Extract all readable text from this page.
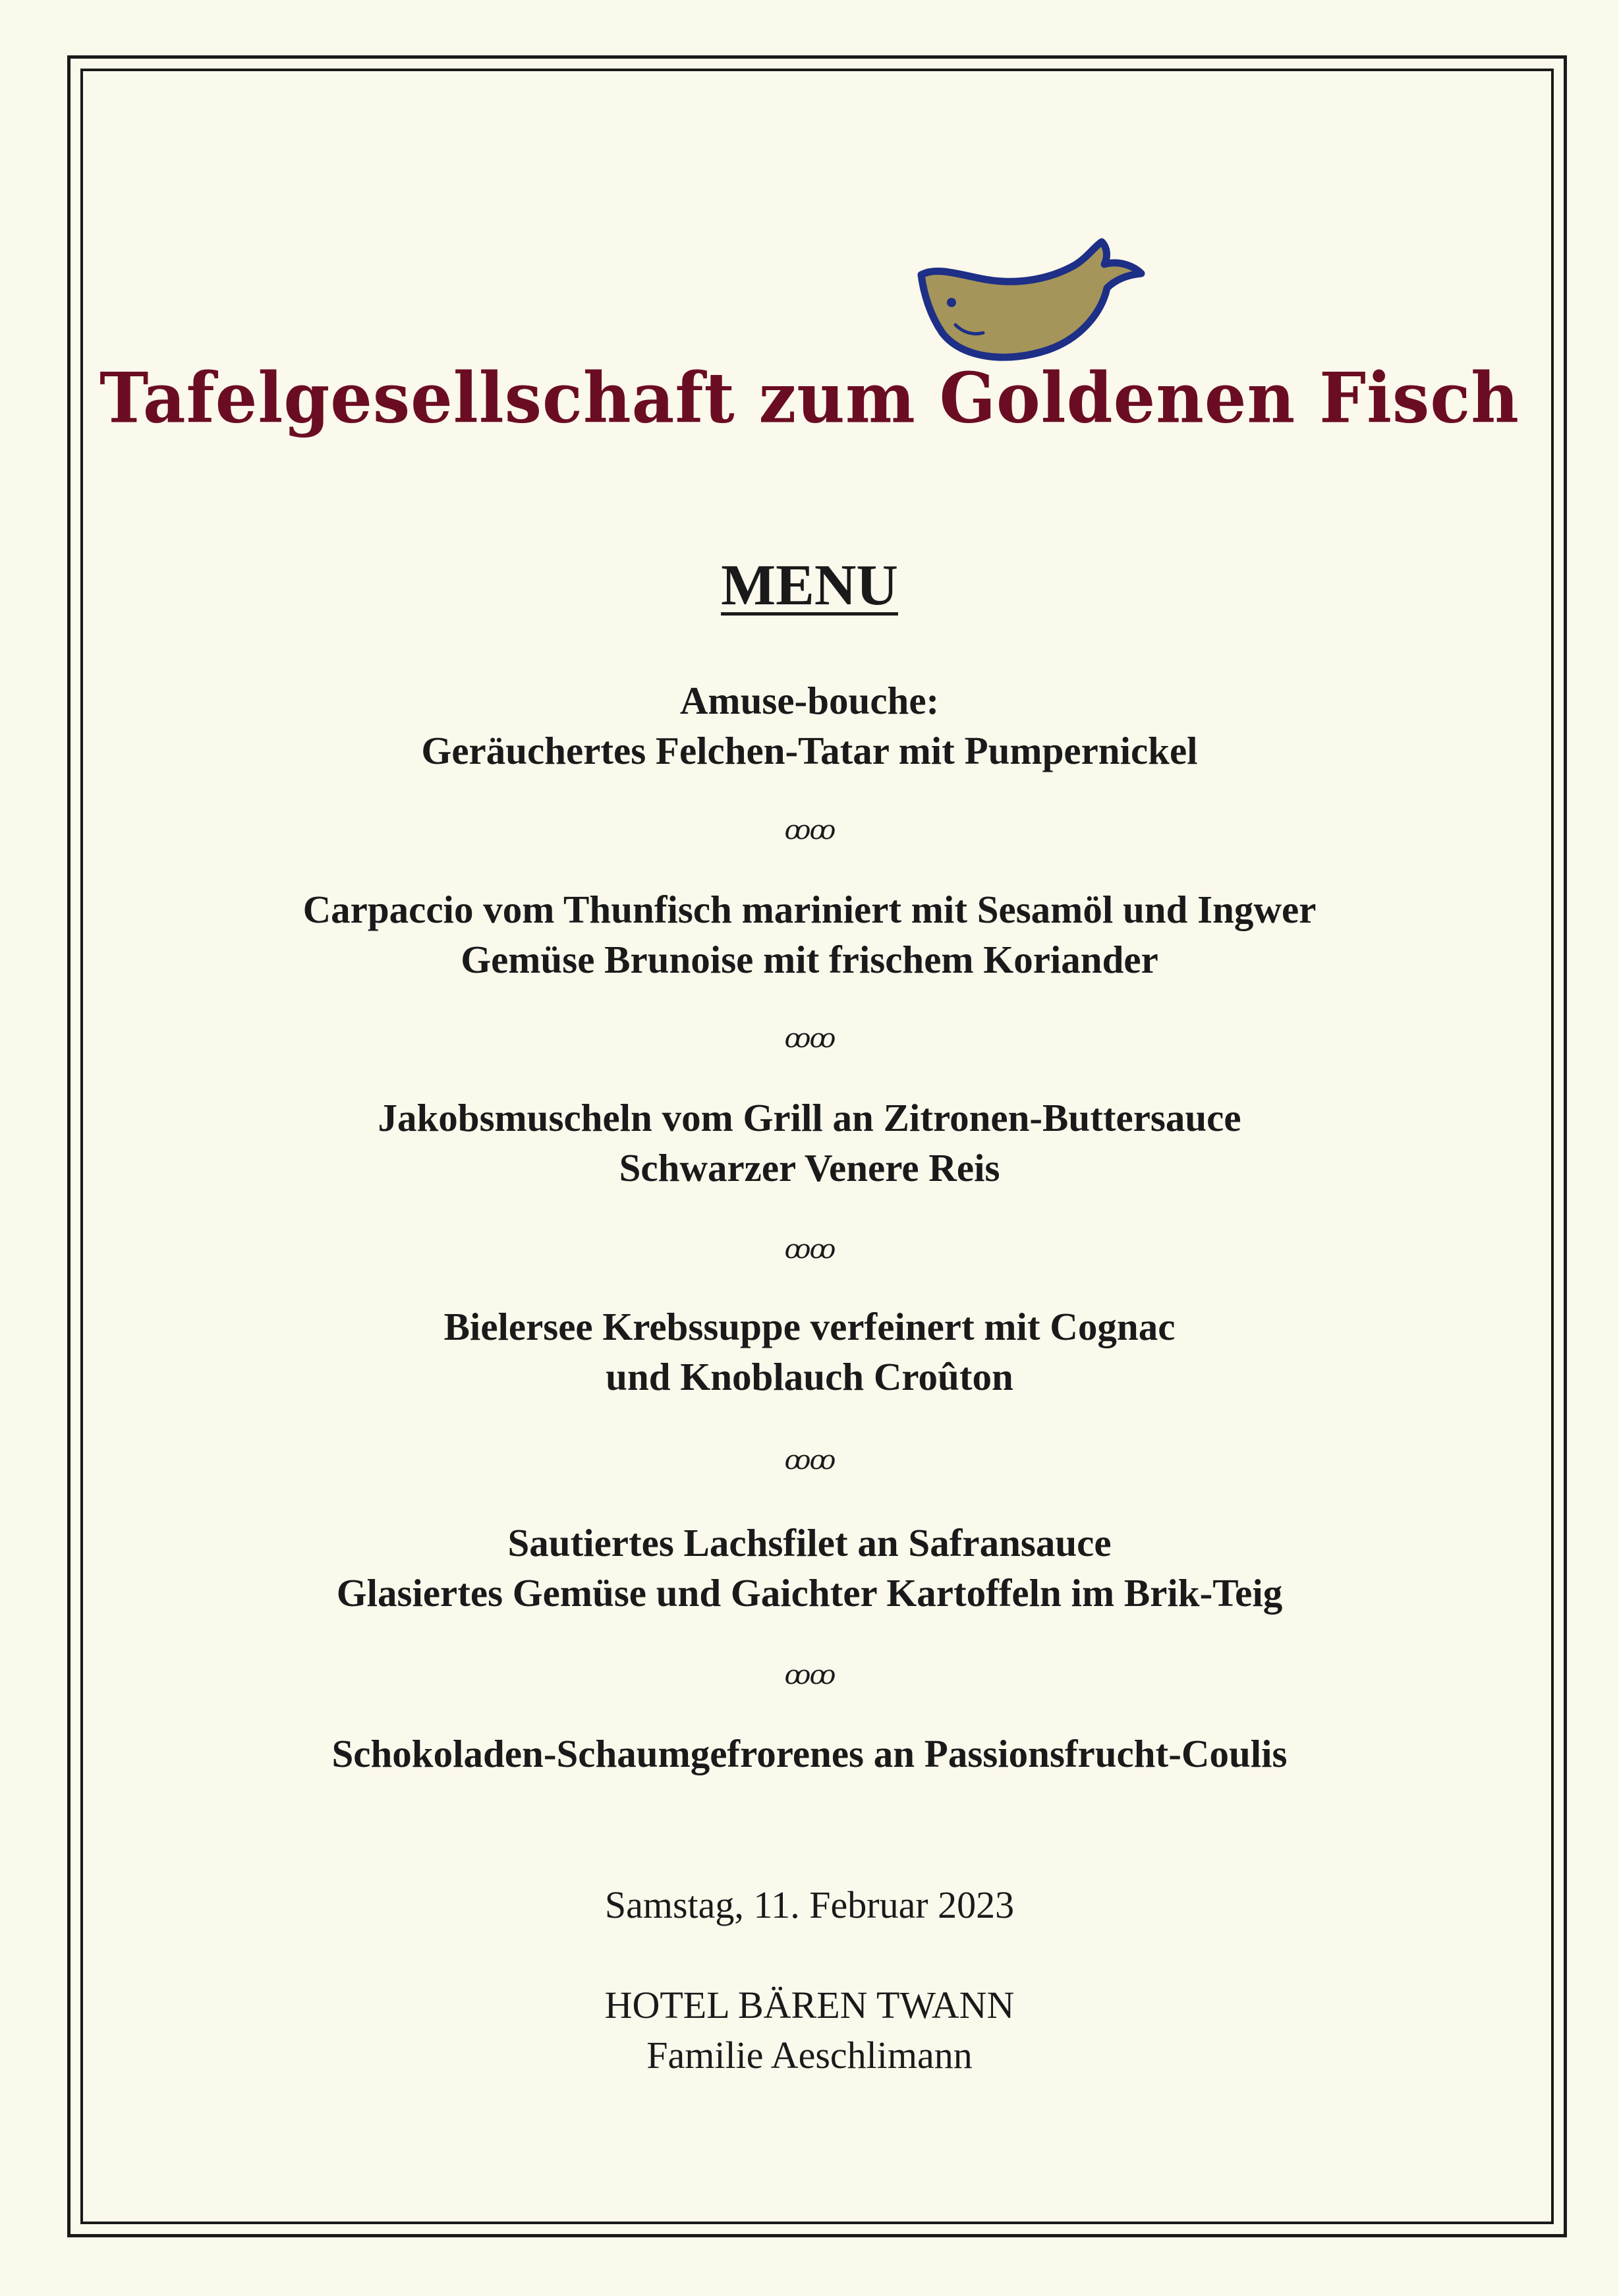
Tafelgesellschaft zum Goldenen Fisch
MENU
Amuse-bouche:
Geräuchertes Felchen-Tatar mit Pumpernickel
ꝏꝏ
Carpaccio vom Thunfisch mariniert mit Sesamöl und Ingwer
Gemüse Brunoise mit frischem Koriander
ꝏꝏ
Jakobsmuscheln vom Grill an Zitronen-Buttersauce
Schwarzer Venere Reis
ꝏꝏ
Bielersee Krebssuppe verfeinert mit Cognac
und Knoblauch Croûton
ꝏꝏ
Sautiertes Lachsfilet an Safransauce
Glasiertes Gemüse und Gaichter Kartoffeln im Brik-Teig
ꝏꝏ
Schokoladen-Schaumgefrorenes an Passionsfrucht-Coulis
Samstag, 11. Februar 2023
HOTEL BÄREN TWANN
Familie Aeschlimann
